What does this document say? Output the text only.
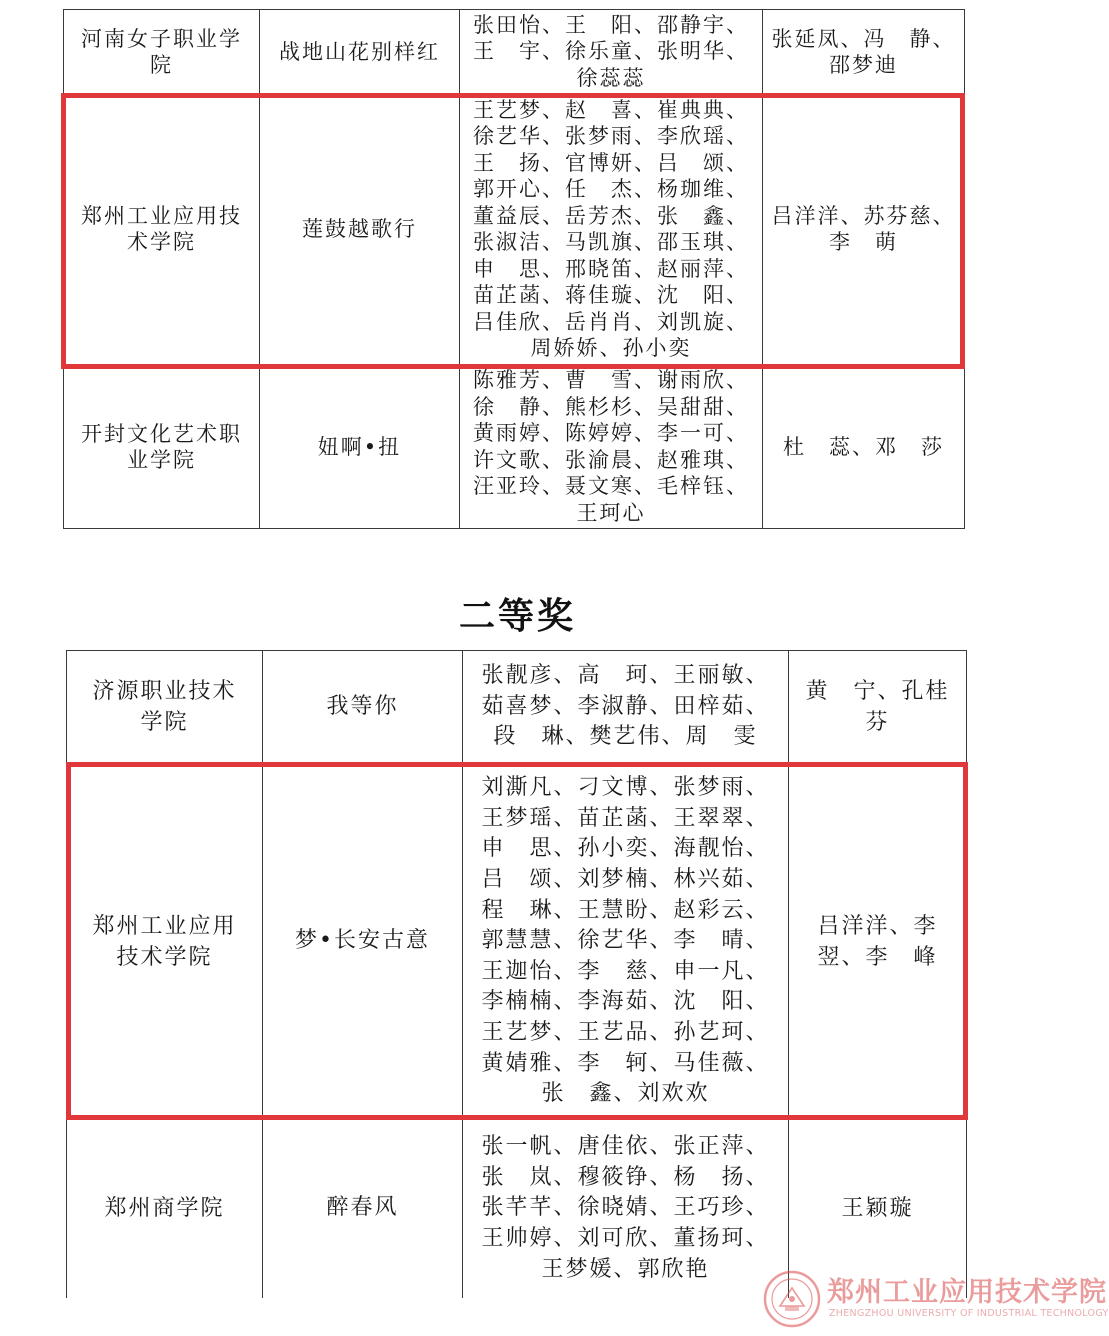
河南女子职业学院	战地山花别样红	张田怡、王　阳、邵静宇、王　宇、徐乐童、张明华、徐蕊蕊	张延凤、冯　静、邵梦迪
郑州工业应用技术学院	莲鼓越歌行	王艺梦、赵　喜、崔典典、徐艺华、张梦雨、李欣瑶、王　扬、官博妍、吕　颂、郭开心、任　杰、杨珈维、董益辰、岳芳杰、张　鑫、张淑洁、马凯旗、邵玉琪、申　思、邢晓笛、赵丽萍、苗芷菡、蒋佳璇、沈　阳、吕佳欣、岳肖肖、刘凯旋、周娇娇、孙小奕	吕洋洋、苏芬慈、李　萌
开封文化艺术职业学院	妞啊•扭	陈雅芳、曹　雪、谢雨欣、徐　静、熊杉杉、吴甜甜、黄雨婷、陈婷婷、李一可、许文歌、张渝晨、赵雅琪、汪亚玲、聂文寒、毛梓钰、王珂心	杜　蕊、邓　莎
二等奖
济源职业技术学院	我等你	张靓彦、高　珂、王丽敏、茹喜梦、李淑静、田梓茹、段　琳、樊艺伟、周　雯	黄　宁、孔桂芬
郑州工业应用技术学院	梦•长安古意	刘澌凡、刁文博、张梦雨、王梦瑶、苗芷菡、王翠翠、申　思、孙小奕、海靓怡、吕　颂、刘梦楠、林兴茹、程　琳、王慧盼、赵彩云、郭慧慧、徐艺华、李　晴、王迦怡、李　慈、申一凡、李楠楠、李海茹、沈　阳、王艺梦、王艺品、孙艺珂、黄婧雅、李　轲、马佳薇、张　鑫、刘欢欢	吕洋洋、李　翌、李　峰
郑州商学院	醉春风	张一帆、唐佳依、张正萍、张　岚、穆筱铮、杨　扬、张芊芊、徐晓婧、王巧珍、王帅婷、刘可欣、董扬珂、王梦媛、郭欣艳	王颖璇
郑州工业应用技术学院
ZHENGZHOU UNIVERSITY OF INDUSTRIAL TECHNOLOGY
